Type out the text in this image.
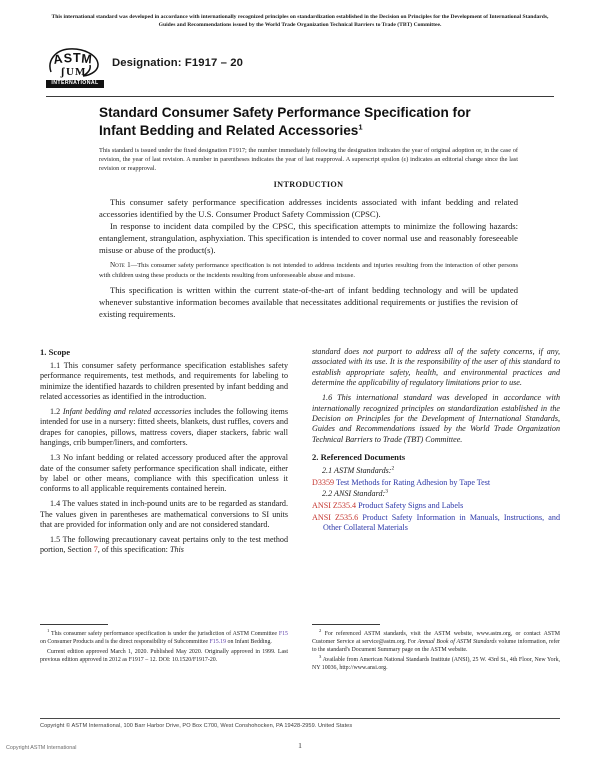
This international standard was developed in accordance with internationally recognized principles on standardization established in the Decision on Principles for the Development of International Standards, Guides and Recommendations issued by the World Trade Organization Technical Barriers to Trade (TBT) Committee.
A S T M
ʃ U M
INTERNATIONAL
Designation: F1917 – 20
Standard Consumer Safety Performance Specification for
Infant Bedding and Related Accessories$^1$
This standard is issued under the fixed designation F1917; the number immediately following the designation indicates the year of original adoption or, in the case of revision, the year of last revision. A number in parentheses indicates the year of last reapproval. A superscript epsilon (ε) indicates an editorial change since the last revision or reapproval.
INTRODUCTION

This consumer safety performance specification addresses incidents associated with infant bedding and related accessories identified by the U.S. Consumer Product Safety Commission (CPSC).

In response to incident data compiled by the CPSC, this specification attempts to minimize the following hazards: entanglement, strangulation, asphyxiation. This specification is intended to cover normal use and reasonably foreseeable misuse or abuse of the product(s).

Note 1—This consumer safety performance specification is not intended to address incidents and injuries resulting from the interaction of other persons with children using these products or the incidents resulting from unforeseeable abuse and misuse.

This specification is written within the current state-of-the-art of infant bedding technology and will be updated whenever substantive information becomes available that necessitates additional requirements or justifies the revision of existing requirements.

1. Scope

1.1 This consumer safety performance specification establishes safety performance requirements, test methods, and requirements for labeling to minimize the identified hazards to children presented by infant bedding and related accessories as identified in the introduction.

1.2 Infant bedding and related accessories includes the following items intended for use in a nursery: fitted sheets, blankets, dust ruffles, covers and drapes for canopies, pillows, mattress covers, diaper stackers, fabric wall hangings, crib bumper/liners, and comforters.

1.3 No infant bedding or related accessory produced after the approval date of the consumer safety performance specification shall indicate, either by label or other means, compliance with this specification unless it conforms to all applicable requirements contained herein.

1.4 The values stated in inch-pound units are to be regarded as standard. The values given in parentheses are mathematical conversions to SI units that are provided for information only and are not considered standard.

1.5 The following precautionary caveat pertains only to the test method portion, Section 7, of this specification: This

standard does not purport to address all of the safety concerns, if any, associated with its use. It is the responsibility of the user of this standard to establish appropriate safety, health, and environmental practices and determine the applicability of regulatory limitations prior to use.

1.6 This international standard was developed in accordance with internationally recognized principles on standardization established in the Decision on Principles for the Development of International Standards, Guides and Recommendations issued by the World Trade Organization Technical Barriers to Trade (TBT) Committee.

2. Referenced Documents

2.1 ASTM Standards:$^2$

D3359 Test Methods for Rating Adhesion by Tape Test

2.2 ANSI Standard:$^3$

ANSI Z535.4 Product Safety Signs and Labels

ANSI Z535.6 Product Safety Information in Manuals, Instructions, and Other Collateral Materials

$^1$ This consumer safety performance specification is under the jurisdiction of ASTM Committee F15 on Consumer Products and is the direct responsibility of Subcommittee F15.19 on Infant Bedding.

Current edition approved March 1, 2020. Published May 2020. Originally approved in 1999. Last previous edition approved in 2012 as F1917 – 12. DOI: 10.1520/F1917-20.

$^2$ For referenced ASTM standards, visit the ASTM website, www.astm.org, or contact ASTM Customer Service at service@astm.org. For Annual Book of ASTM Standards volume information, refer to the standard's Document Summary page on the ASTM website.

$^3$ Available from American National Standards Institute (ANSI), 25 W. 43rd St., 4th Floor, New York, NY 10036, http://www.ansi.org.

Copyright © ASTM International, 100 Barr Harbor Drive, PO Box C700, West Conshohocken, PA 19428-2959. United States
Copyright ASTM International	1
